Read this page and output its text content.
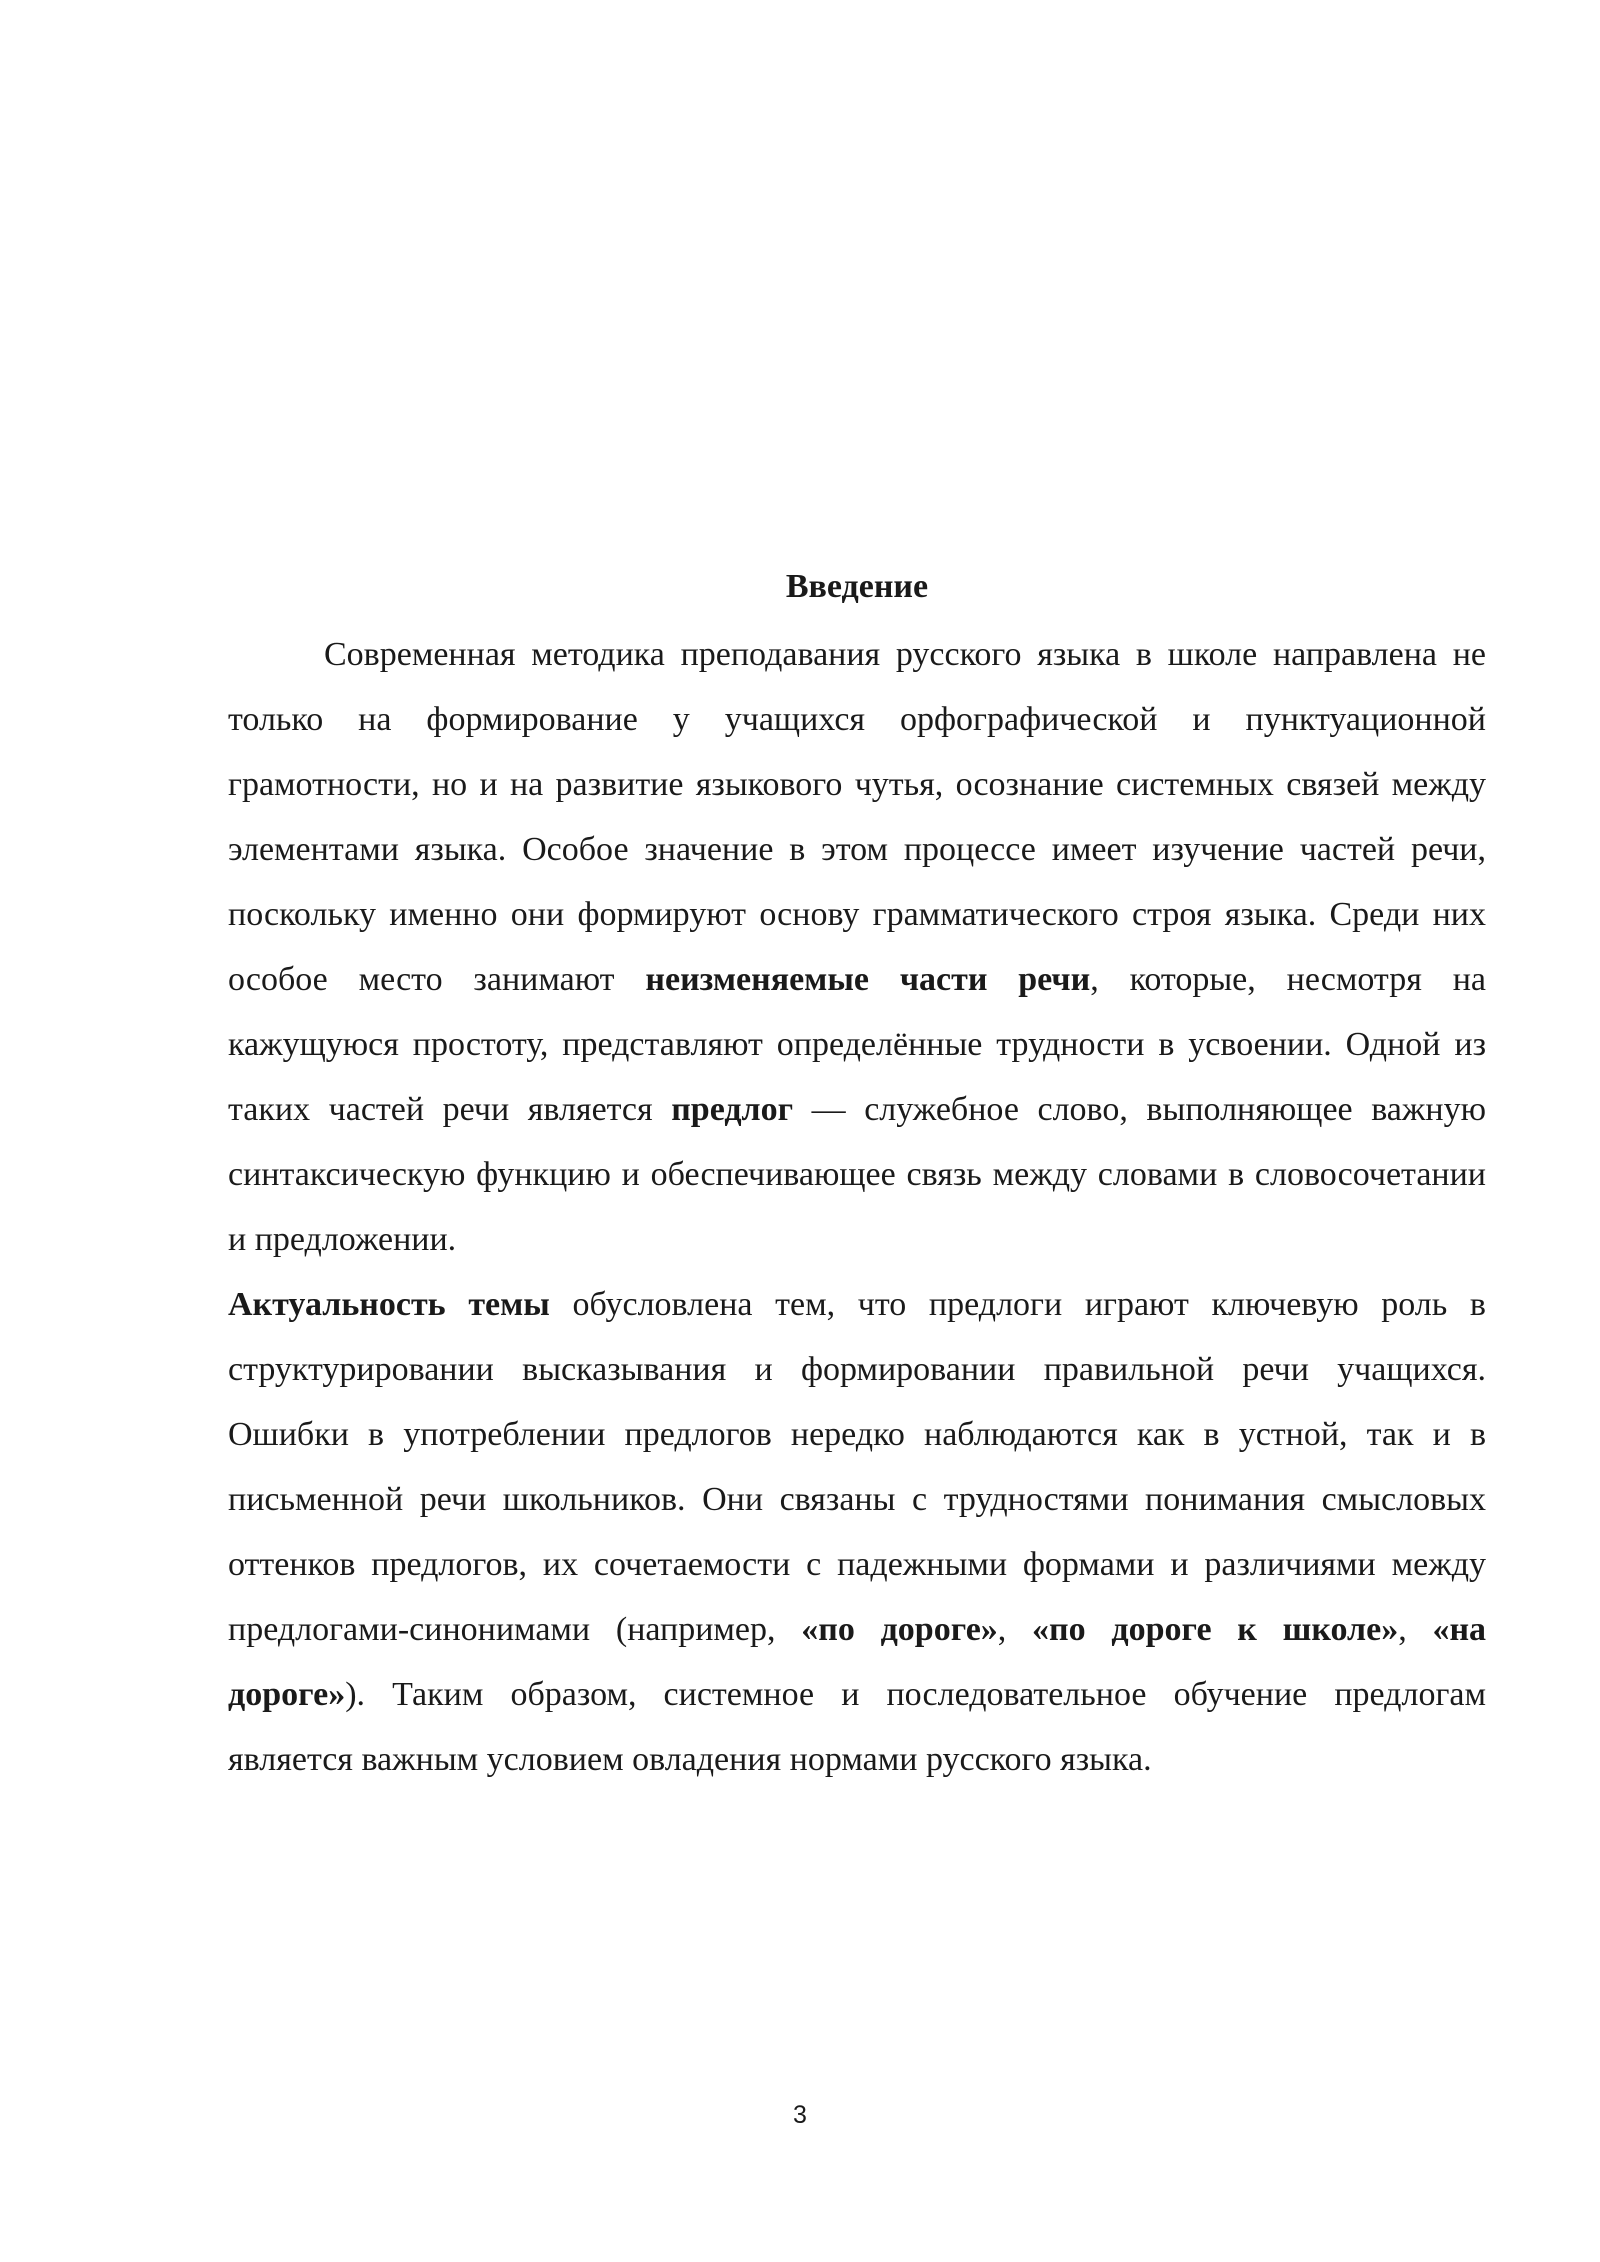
Введение

Современная методика преподавания русского языка в школе направлена не только на формирование у учащихся орфографической и пунктуационной грамотности, но и на развитие языкового чутья, осознание системных связей между элементами языка. Особое значение в этом процессе имеет изучение частей речи, поскольку именно они формируют основу грамматического строя языка. Среди них особое место занимают неизменяемые части речи, которые, несмотря на кажущуюся простоту, представляют определённые трудности в усвоении. Одной из таких частей речи является предлог — служебное слово, выполняющее важную синтаксическую функцию и обеспечивающее связь между словами в словосочетании и предложении.

Актуальность темы обусловлена тем, что предлоги играют ключевую роль в структурировании высказывания и формировании правильной речи учащихся. Ошибки в употреблении предлогов нередко наблюдаются как в устной, так и в письменной речи школьников. Они связаны с трудностями понимания смысловых оттенков предлогов, их сочетаемости с падежными формами и различиями между предлогами-синонимами (например, «по дороге», «по дороге к школе», «на дороге»). Таким образом, системное и последовательное обучение предлогам является важным условием овладения нормами русского языка.

3
